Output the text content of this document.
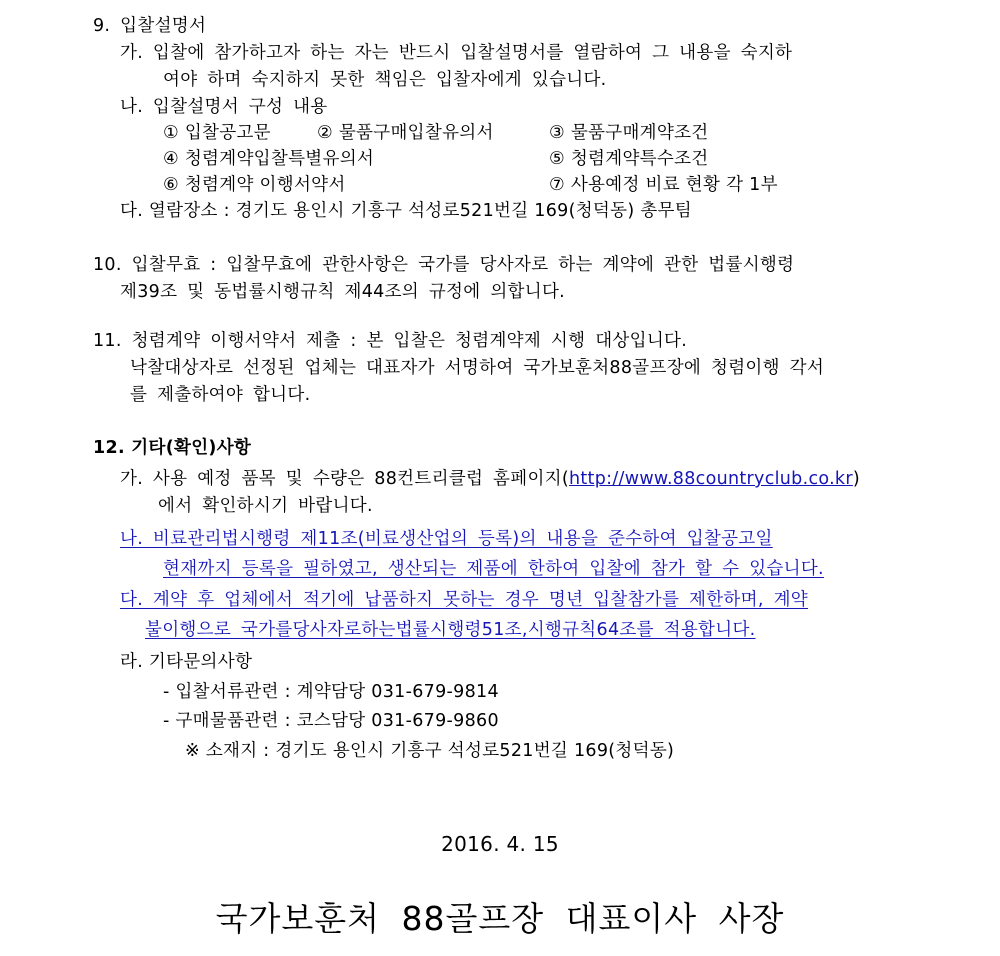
9. 입찰설명서
가. 입찰에 참가하고자 하는 자는 반드시 입찰설명서를 열람하여 그 내용을 숙지하
여야 하며 숙지하지 못한 책임은 입찰자에게 있습니다.
나. 입찰설명서 구성 내용
① 입찰공고문	② 물품구매입찰유의서	③ 물품구매계약조건
④ 청렴계약입찰특별유의서	⑤ 청렴계약특수조건
⑥ 청렴계약 이행서약서	⑦ 사용예정 비료 현황 각 1부
다. 열람장소 : 경기도 용인시 기흥구 석성로521번길 169(청덕동) 총무팀
10. 입찰무효 : 입찰무효에 관한사항은 국가를 당사자로 하는 계약에 관한 법률시행령
제39조 및 동법률시행규칙 제44조의 규정에 의합니다.
11. 청렴계약 이행서약서 제출 : 본 입찰은 청렴계약제 시행 대상입니다.
낙찰대상자로 선정된 업체는 대표자가 서명하여 국가보훈처88골프장에 청렴이행 각서
를 제출하여야 합니다.
12. 기타(확인)사항
가. 사용 예정 품목 및 수량은 88컨트리클럽 홈페이지(http://www.88countryclub.co.kr)
에서 확인하시기 바랍니다.
나. 비료관리법시행령 제11조(비료생산업의 등록)의 내용을 준수하여 입찰공고일
현재까지 등록을 필하였고, 생산되는 제품에 한하여 입찰에 참가 할 수 있습니다.
다. 계약 후 업체에서 적기에 납품하지 못하는 경우 명년 입찰참가를 제한하며, 계약
불이행으로 국가를당사자로하는법률시행령51조,시행규칙64조를 적용합니다.
라. 기타문의사항
- 입찰서류관련 : 계약담당 031-679-9814
- 구매물품관련 : 코스담당 031-679-9860
※ 소재지 : 경기도 용인시 기흥구 석성로521번길 169(청덕동)
2016. 4. 15
국가보훈처 88골프장 대표이사 사장
